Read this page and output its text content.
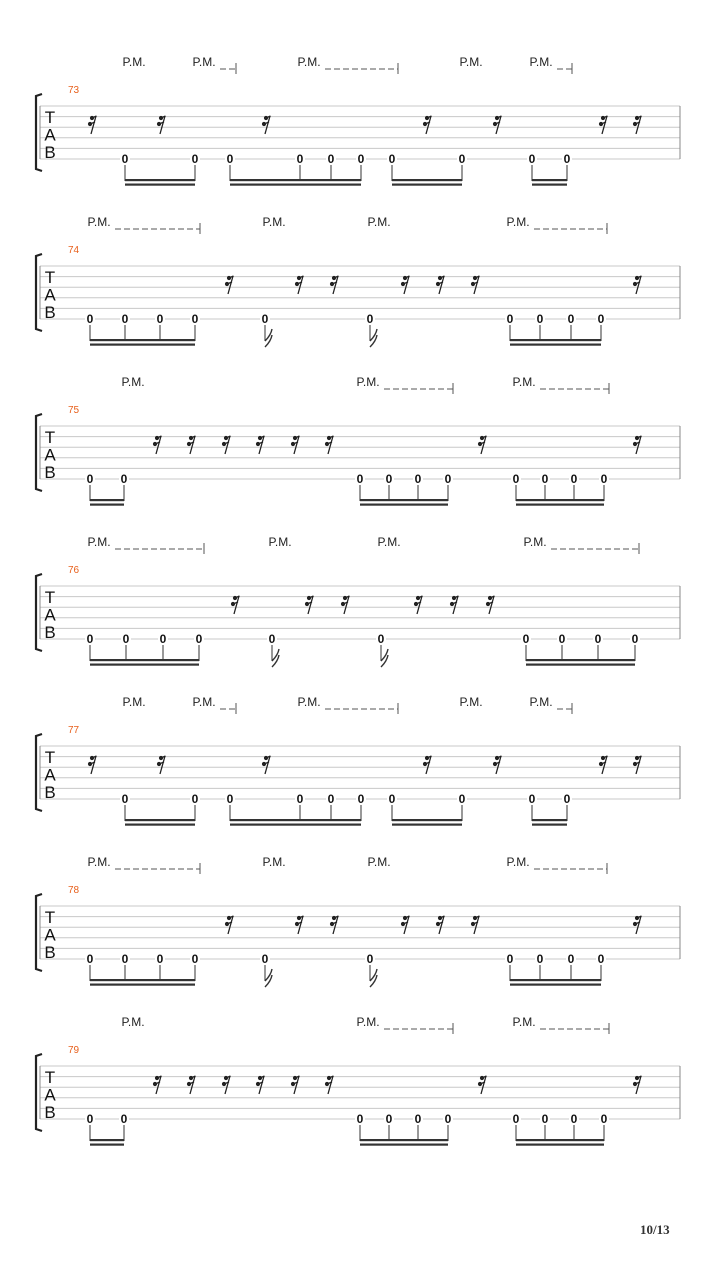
P.M.	P.M.	P.M.	P.M.	P.M.
73
T
A
B	0	0 0	0 0 0 0	0	0 0
P.M.	P.M.	P.M.	P.M.
74
T
A
B	0 0 0 0	0	0	0 0 0 0
P.M.	P.M.	P.M.
75
T
A
B	0 0	0 0 0 0	0 0 0 0
P.M.	P.M.	P.M.	P.M.
76
T
A
B	0 0	0 0	0	0	0 0 0	0
P.M.	P.M.	P.M.	P.M.	P.M.
77
T
A
B	0	0 0	0 0 0 0	0	0 0
P.M.	P.M.	P.M.	P.M.
78
T
A
B	0 0 0 0	0	0	0 0 0 0
P.M.	P.M.	P.M.
79
T
A
B	0 0	0 0 0 0	0 0 0 0
10/13
